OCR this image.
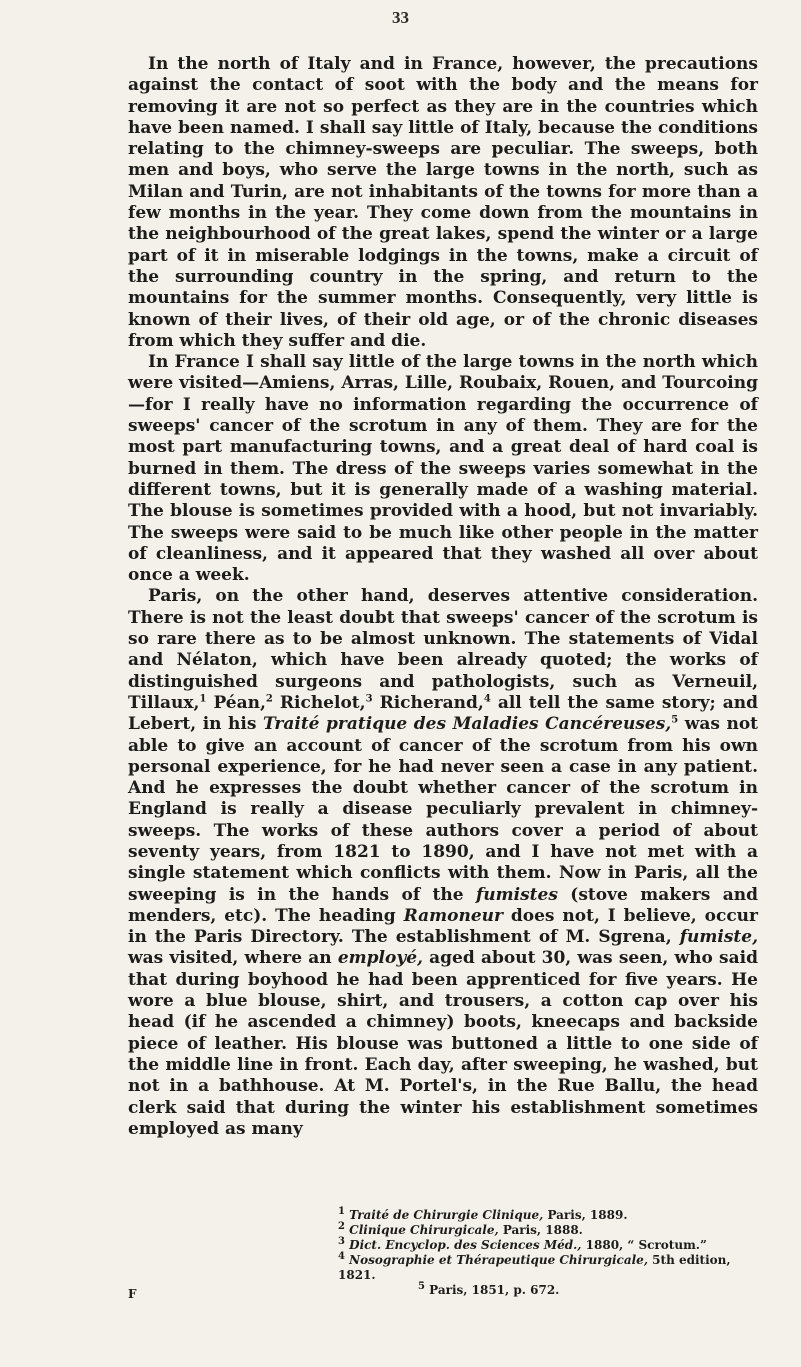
33

In the north of Italy and in France, however, the precautions against the contact of soot with the body and the means for removing it are not so perfect as they are in the countries which have been named. I shall say little of Italy, because the conditions relating to the chimney-sweeps are peculiar. The sweeps, both men and boys, who serve the large towns in the north, such as Milan and Turin, are not inhabitants of the towns for more than a few months in the year. They come down from the mountains in the neighbourhood of the great lakes, spend the winter or a large part of it in miserable lodgings in the towns, make a circuit of the surrounding country in the spring, and return to the mountains for the summer months. Consequently, very little is known of their lives, of their old age, or of the chronic diseases from which they suffer and die.

In France I shall say little of the large towns in the north which were visited—Amiens, Arras, Lille, Roubaix, Rouen, and Tourcoing—for I really have no information regarding the occurrence of sweeps' cancer of the scrotum in any of them. They are for the most part manufacturing towns, and a great deal of hard coal is burned in them. The dress of the sweeps varies somewhat in the different towns, but it is generally made of a washing material. The blouse is sometimes provided with a hood, but not invariably. The sweeps were said to be much like other people in the matter of cleanliness, and it appeared that they washed all over about once a week.

Paris, on the other hand, deserves attentive consideration. There is not the least doubt that sweeps' cancer of the scrotum is so rare there as to be almost unknown. The statements of Vidal and Nélaton, which have been already quoted; the works of distinguished surgeons and pathologists, such as Verneuil, Tillaux,$^1$ Péan,$^2$ Richelot,$^3$ Richerand,$^4$ all tell the same story; and Lebert, in his Traité pratique des Maladies Cancéreuses,$^5$ was not able to give an account of cancer of the scrotum from his own personal experience, for he had never seen a case in any patient. And he expresses the doubt whether cancer of the scrotum in England is really a disease peculiarly prevalent in chimney-sweeps. The works of these authors cover a period of about seventy years, from 1821 to 1890, and I have not met with a single statement which conflicts with them. Now in Paris, all the sweeping is in the hands of the fumistes (stove makers and menders, etc). The heading Ramoneur does not, I believe, occur in the Paris Directory. The establishment of M. Sgrena, fumiste, was visited, where an employé, aged about 30, was seen, who said that during boyhood he had been apprenticed for five years. He wore a blue blouse, shirt, and trousers, a cotton cap over his head (if he ascended a chimney) boots, kneecaps and backside piece of leather. His blouse was buttoned a little to one side of the middle line in front. Each day, after sweeping, he washed, but not in a bathhouse. At M. Portel's, in the Rue Ballu, the head clerk said that during the winter his establishment sometimes employed as many

$^1$ Traité de Chirurgie Clinique, Paris, 1889.

$^2$ Clinique Chirurgicale, Paris, 1888.

$^3$ Dict. Encyclop. des Sciences Méd., 1880, “ Scrotum.”

$^4$ Nosographie et Thérapeutique Chirurgicale, 5th edition, 1821.

$^5$ Paris, 1851, p. 672.

F
